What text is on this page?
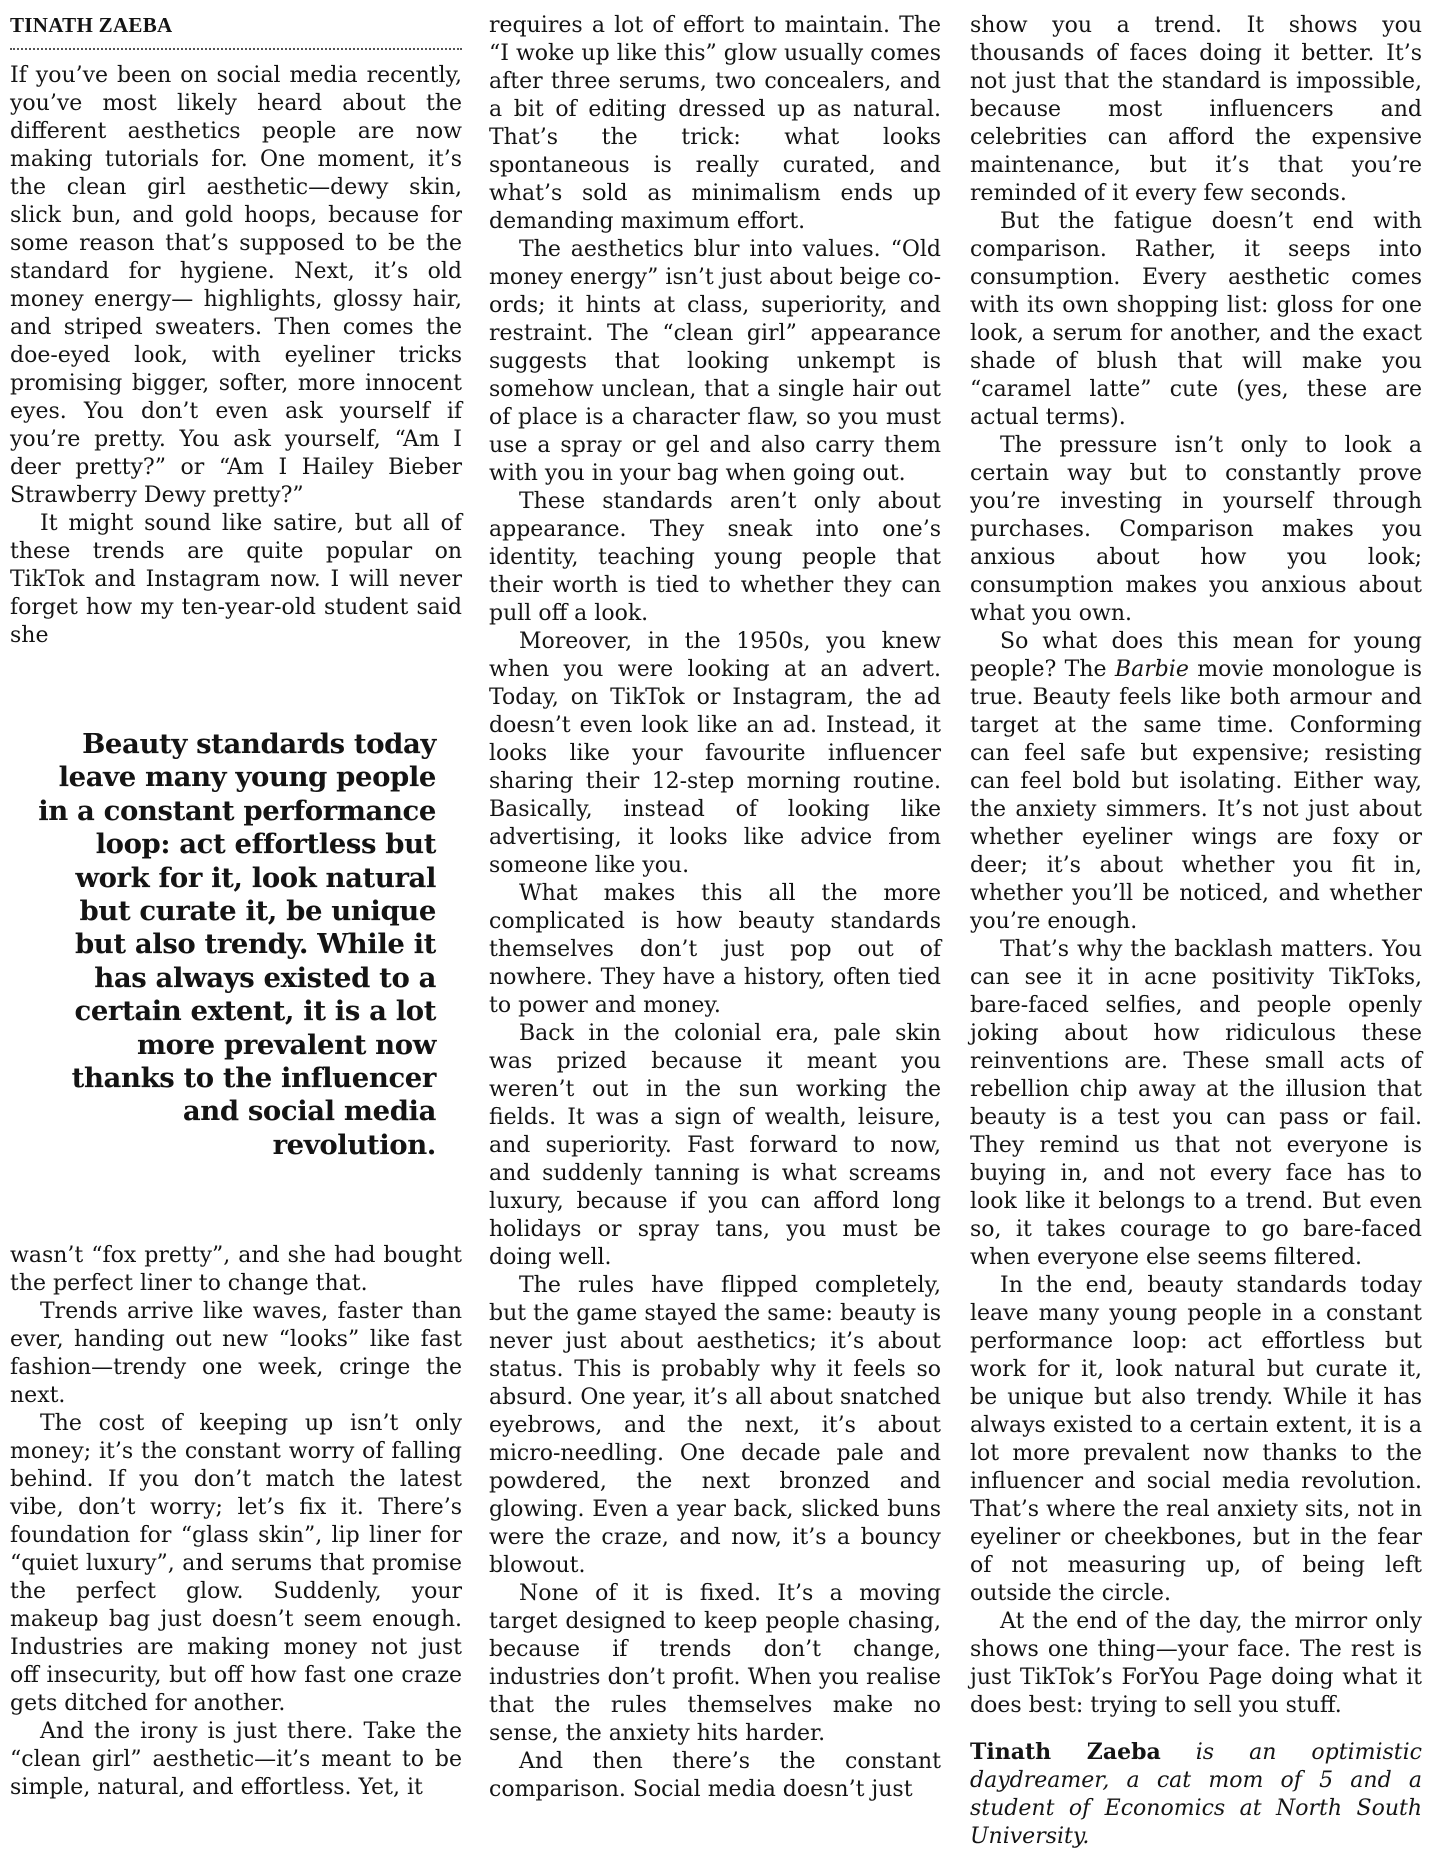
TINATH ZAEBA

If you’ve been on social media recently, you’ve most likely heard about the different aesthetics people are now making tutorials for. One moment, it’s the clean girl aesthetic—dewy skin, slick bun, and gold hoops, because for some reason that’s supposed to be the standard for hygiene. Next, it’s old money energy— highlights, glossy hair, and striped sweaters. Then comes the doe-eyed look, with eyeliner tricks promising bigger, softer, more innocent eyes. You don’t even ask yourself if you’re pretty. You ask yourself, “Am I deer pretty?” or “Am I Hailey Bieber Strawberry Dewy pretty?”

It might sound like satire, but all of these trends are quite popular on TikTok and Instagram now. I will never forget how my ten-year-old student said she

Beauty standards today leave many young people in a constant performance loop: act effortless but work for it, look natural but curate it, be unique but also trendy. While it has always existed to a certain extent, it is a lot more prevalent now thanks to the influencer and social media revolution.

wasn’t “fox pretty”, and she had bought the perfect liner to change that.

Trends arrive like waves, faster than ever, handing out new “looks” like fast fashion—trendy one week, cringe the next.

The cost of keeping up isn’t only money; it’s the constant worry of falling behind. If you don’t match the latest vibe, don’t worry; let’s fix it. There’s foundation for “glass skin”, lip liner for “quiet luxury”, and serums that promise the perfect glow. Suddenly, your makeup bag just doesn’t seem enough. Industries are making money not just off insecurity, but off how fast one craze gets ditched for another.

And the irony is just there. Take the “clean girl” aesthetic—it’s meant to be simple, natural, and effortless. Yet, it

requires a lot of effort to maintain. The “I woke up like this” glow usually comes after three serums, two concealers, and a bit of editing dressed up as natural. That’s the trick: what looks spontaneous is really curated, and what’s sold as minimalism ends up demanding maximum effort.

The aesthetics blur into values. “Old money energy” isn’t just about beige co-ords; it hints at class, superiority, and restraint. The “clean girl” appearance suggests that looking unkempt is somehow unclean, that a single hair out of place is a character flaw, so you must use a spray or gel and also carry them with you in your bag when going out.

These standards aren’t only about appearance. They sneak into one’s identity, teaching young people that their worth is tied to whether they can pull off a look.

Moreover, in the 1950s, you knew when you were looking at an advert. Today, on TikTok or Instagram, the ad doesn’t even look like an ad. Instead, it looks like your favourite influencer sharing their 12-step morning routine. Basically, instead of looking like advertising, it looks like advice from someone like you.

What makes this all the more complicated is how beauty standards themselves don’t just pop out of nowhere. They have a history, often tied to power and money.

Back in the colonial era, pale skin was prized because it meant you weren’t out in the sun working the fields. It was a sign of wealth, leisure, and superiority. Fast forward to now, and suddenly tanning is what screams luxury, because if you can afford long holidays or spray tans, you must be doing well.

The rules have flipped completely, but the game stayed the same: beauty is never just about aesthetics; it’s about status. This is probably why it feels so absurd. One year, it’s all about snatched eyebrows, and the next, it’s about micro-needling. One decade pale and powdered, the next bronzed and glowing. Even a year back, slicked buns were the craze, and now, it’s a bouncy blowout.

None of it is fixed. It’s a moving target designed to keep people chasing, because if trends don’t change, industries don’t profit. When you realise that the rules themselves make no sense, the anxiety hits harder.

And then there’s the constant comparison. Social media doesn’t just

show you a trend. It shows you thousands of faces doing it better. It’s not just that the standard is impossible, because most influencers and celebrities can afford the expensive maintenance, but it’s that you’re reminded of it every few seconds.

But the fatigue doesn’t end with comparison. Rather, it seeps into consumption. Every aesthetic comes with its own shopping list: gloss for one look, a serum for another, and the exact shade of blush that will make you “caramel latte” cute (yes, these are actual terms).

The pressure isn’t only to look a certain way but to constantly prove you’re investing in yourself through purchases. Comparison makes you anxious about how you look; consumption makes you anxious about what you own.

So what does this mean for young people? The Barbie movie monologue is true. Beauty feels like both armour and target at the same time. Conforming can feel safe but expensive; resisting can feel bold but isolating. Either way, the anxiety simmers. It’s not just about whether eyeliner wings are foxy or deer; it’s about whether you fit in, whether you’ll be noticed, and whether you’re enough.

That’s why the backlash matters. You can see it in acne positivity TikToks, bare-faced selfies, and people openly joking about how ridiculous these reinventions are. These small acts of rebellion chip away at the illusion that beauty is a test you can pass or fail. They remind us that not everyone is buying in, and not every face has to look like it belongs to a trend. But even so, it takes courage to go bare-faced when everyone else seems filtered.

In the end, beauty standards today leave many young people in a constant performance loop: act effortless but work for it, look natural but curate it, be unique but also trendy. While it has always existed to a certain extent, it is a lot more prevalent now thanks to the influencer and social media revolution. That’s where the real anxiety sits, not in eyeliner or cheekbones, but in the fear of not measuring up, of being left outside the circle.

At the end of the day, the mirror only shows one thing—your face. The rest is just TikTok’s ForYou Page doing what it does best: trying to sell you stuff.

Tinath Zaeba is an optimistic daydreamer, a cat mom of 5 and a student of Economics at North South University.
